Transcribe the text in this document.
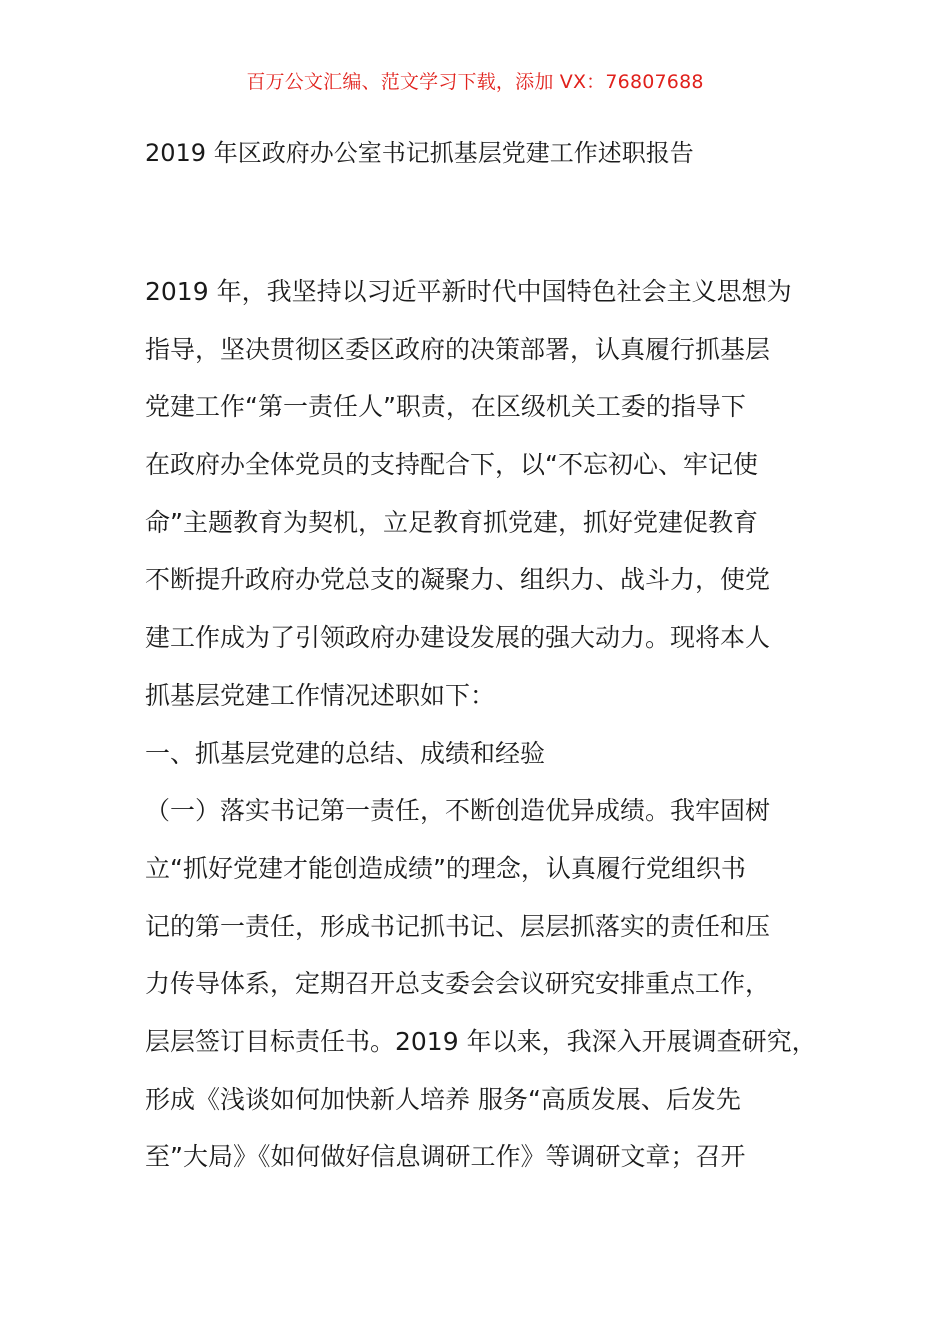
百万公文汇编、范文学习下载，添加 VX：76807688
2019 年区政府办公室书记抓基层党建工作述职报告
2019 年，我坚持以习近平新时代中国特色社会主义思想为
指导，坚决贯彻区委区政府的决策部署，认真履行抓基层
党建工作“第一责任人”职责，在区级机关工委的指导下
在政府办全体党员的支持配合下，以“不忘初心、牢记使
命”主题教育为契机，立足教育抓党建，抓好党建促教育
不断提升政府办党总支的凝聚力、组织力、战斗力，使党
建工作成为了引领政府办建设发展的强大动力。现将本人
抓基层党建工作情况述职如下：
一、抓基层党建的总结、成绩和经验
（一）落实书记第一责任，不断创造优异成绩。我牢固树
立“抓好党建才能创造成绩”的理念，认真履行党组织书
记的第一责任，形成书记抓书记、层层抓落实的责任和压
力传导体系，定期召开总支委会会议研究安排重点工作，
层层签订目标责任书。2019 年以来，我深入开展调查研究，
形成《浅谈如何加快新人培养 服务“高质发展、后发先
至”大局》《如何做好信息调研工作》等调研文章；召开
